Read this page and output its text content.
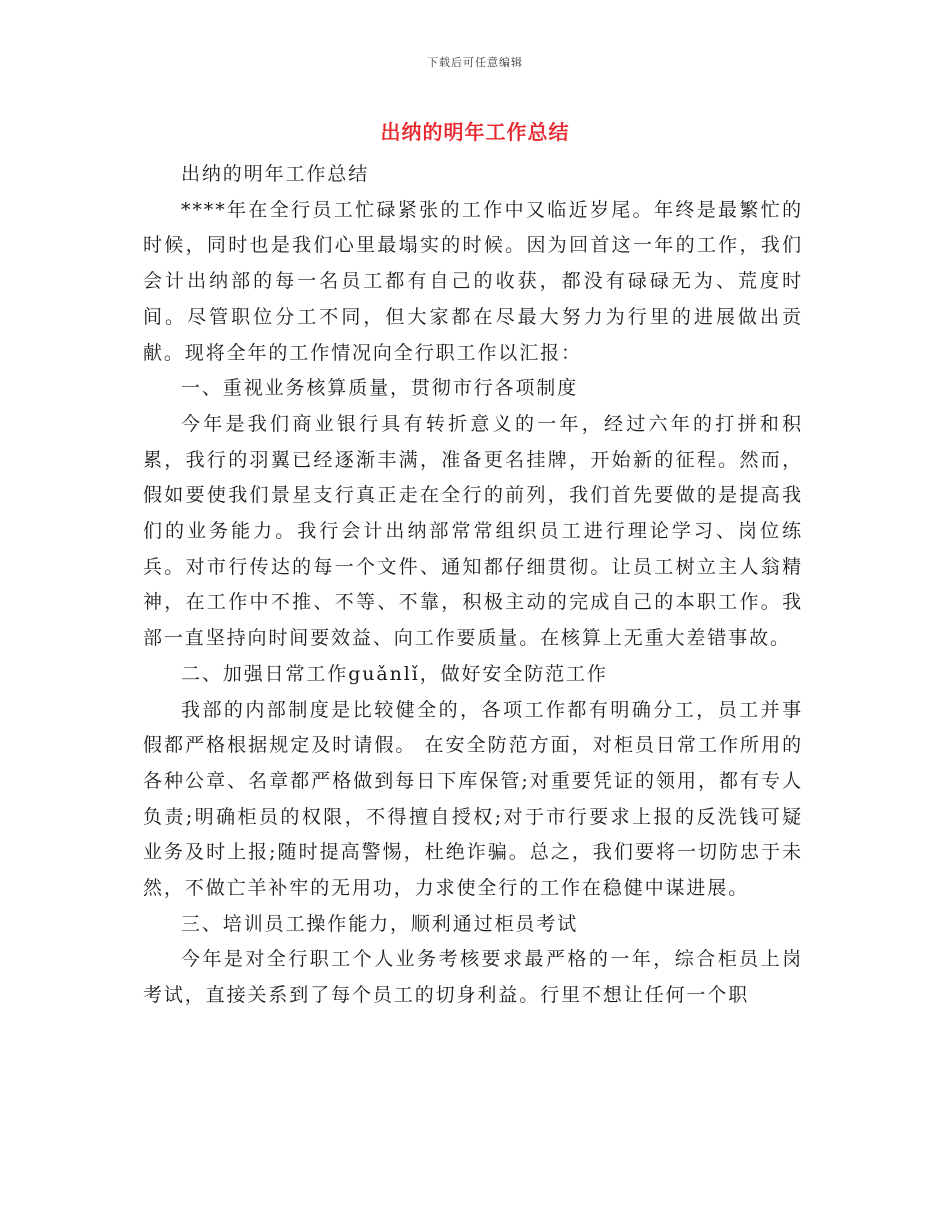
下载后可任意编辑
出纳的明年工作总结

出纳的明年工作总结

****年在全行员工忙碌紧张的工作中又临近岁尾。年终是最繁忙的时候，同时也是我们心里最塌实的时候。因为回首这一年的工作，我们会计出纳部的每一名员工都有自己的收获，都没有碌碌无为、荒度时间。尽管职位分工不同，但大家都在尽最大努力为行里的进展做出贡献。现将全年的工作情况向全行职工作以汇报：

一、重视业务核算质量，贯彻市行各项制度

今年是我们商业银行具有转折意义的一年，经过六年的打拼和积累，我行的羽翼已经逐渐丰满，准备更名挂牌，开始新的征程。然而，假如要使我们景星支行真正走在全行的前列，我们首先要做的是提高我们的业务能力。我行会计出纳部常常组织员工进行理论学习、岗位练兵。对市行传达的每一个文件、通知都仔细贯彻。让员工树立主人翁精神，在工作中不推、不等、不靠，积极主动的完成自己的本职工作。我部一直坚持向时间要效益、向工作要质量。在核算上无重大差错事故。

二、加强日常工作guǎnlǐ，做好安全防范工作

我部的内部制度是比较健全的，各项工作都有明确分工，员工并事假都严格根据规定及时请假。 在安全防范方面，对柜员日常工作所用的各种公章、名章都严格做到每日下库保管;对重要凭证的领用，都有专人负责;明确柜员的权限，不得擅自授权;对于市行要求上报的反洗钱可疑业务及时上报;随时提高警惕，杜绝诈骗。总之，我们要将一切防忠于未然，不做亡羊补牢的无用功，力求使全行的工作在稳健中谋进展。

三、培训员工操作能力，顺利通过柜员考试

今年是对全行职工个人业务考核要求最严格的一年，综合柜员上岗考试，直接关系到了每个员工的切身利益。行里不想让任何一个职
